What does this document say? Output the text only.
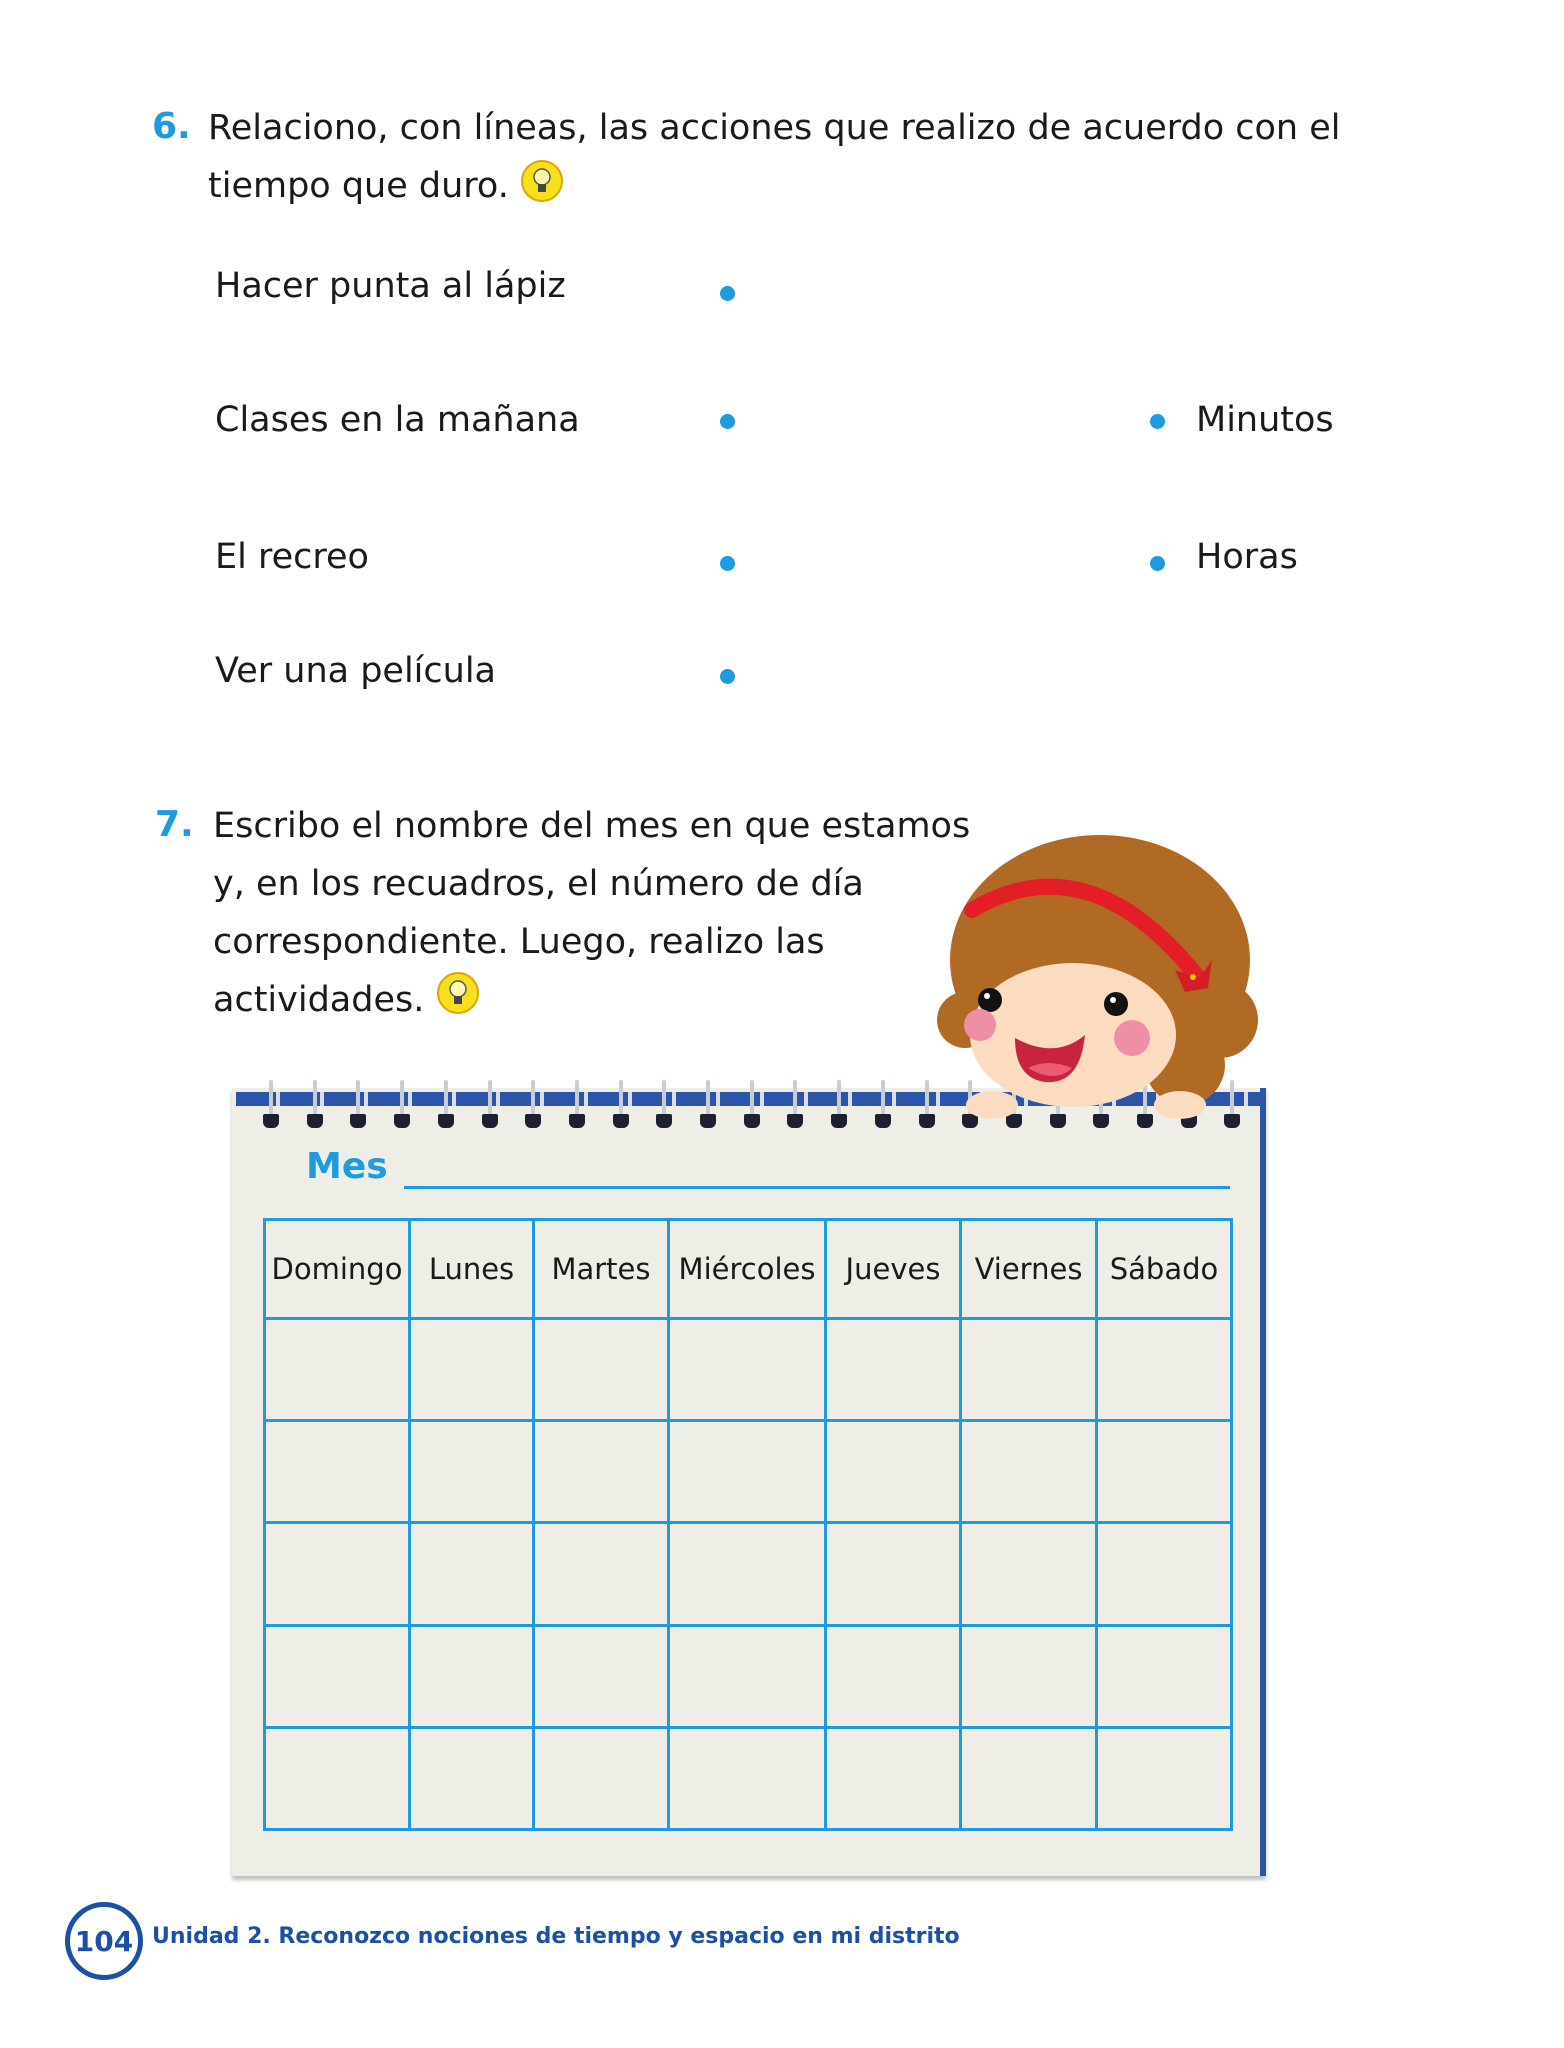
6. Relaciono, con líneas, las acciones que realizo de acuerdo con el
tiempo que duro.
Hacer punta al lápiz
Clases en la mañana
El recreo
Ver una película
Minutos
Horas
7. Escribo el nombre del mes en que estamos
y, en los recuadros, el número de día
correspondiente. Luego, realizo las
actividades.
Mes
Domingo	Lunes	Martes	Miércoles	Jueves	Viernes	Sábado

104 Unidad 2. Reconozco nociones de tiempo y espacio en mi distrito
